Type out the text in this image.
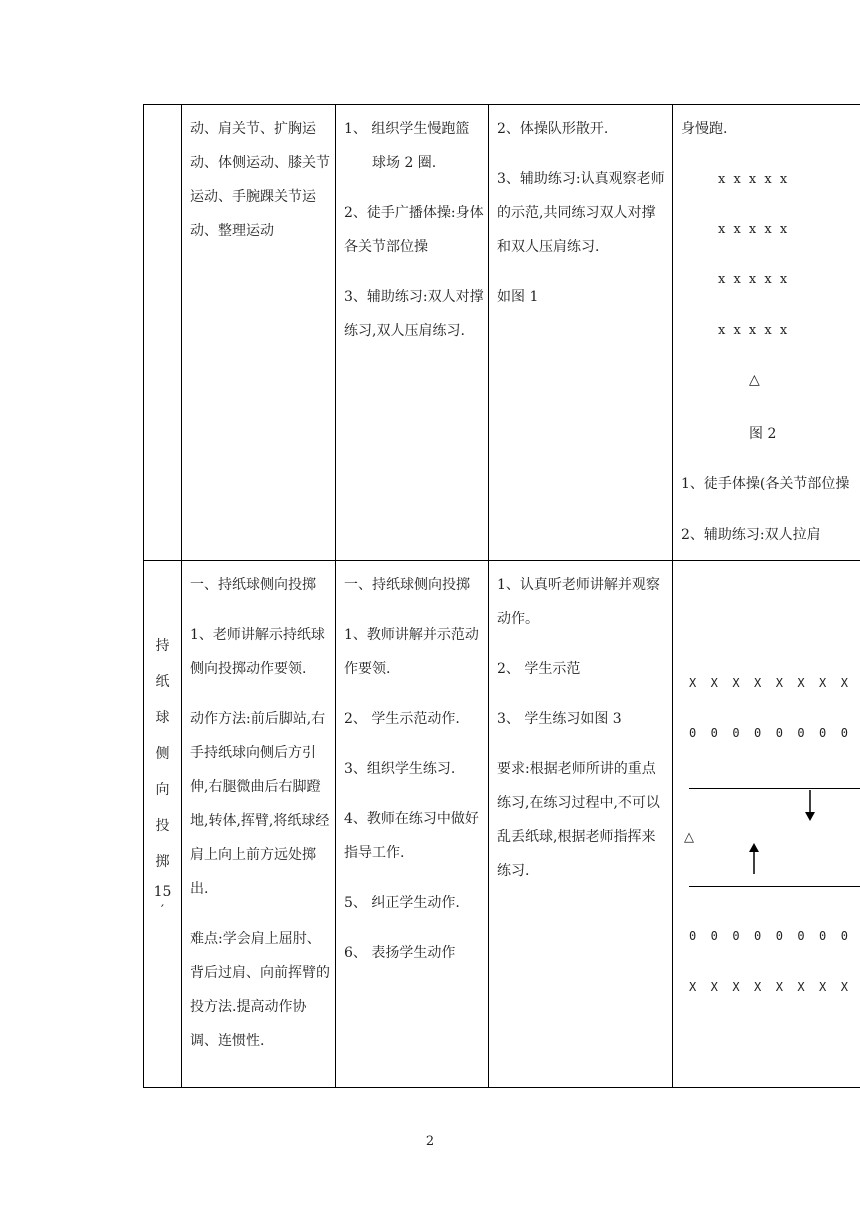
动、肩关节、扩胸运动、体侧运动、膝关节运动、手腕踝关节运动、整理运动

1、 组织学生慢跑篮

球场 2 圈.

2、徒手广播体操:身体各关节部位操

3、辅助练习:双人对撑练习,双人压肩练习.

2、体操队形散开.

3、辅助练习:认真观察老师的示范,共同练习双人对撑和双人压肩练习.

如图 1

身慢跑.

x x x x x
x x x x x
x x x x x
x x x x x
△
图 2
1、徒手体操(各关节部位操
2、辅助练习:双人拉肩
持
纸
球
侧
向
投
掷
15
′

一、持纸球侧向投掷

1、老师讲解示持纸球侧向投掷动作要领.

动作方法:前后脚站,右手持纸球向侧后方引伸,右腿微曲后右脚蹬地,转体,挥臂,将纸球经肩上向上前方远处掷出.

难点:学会肩上屈肘、背后过肩、向前挥臂的投方法.提高动作协调、连惯性.

一、持纸球侧向投掷

1、教师讲解并示范动作要领.

2、 学生示范动作.

3、组织学生练习.

4、教师在练习中做好指导工作.

5、 纠正学生动作.

6、 表扬学生动作

1、认真听老师讲解并观察动作。

2、 学生示范

3、 学生练习如图 3

要求:根据老师所讲的重点练习,在练习过程中,不可以乱丢纸球,根据老师指挥来练习.

X  X  X  X  X  X  X  X
0  0  0  0  0  0  0  0
△
0  0  0  0  0  0  0  0
X  X  X  X  X  X  X  X
2
